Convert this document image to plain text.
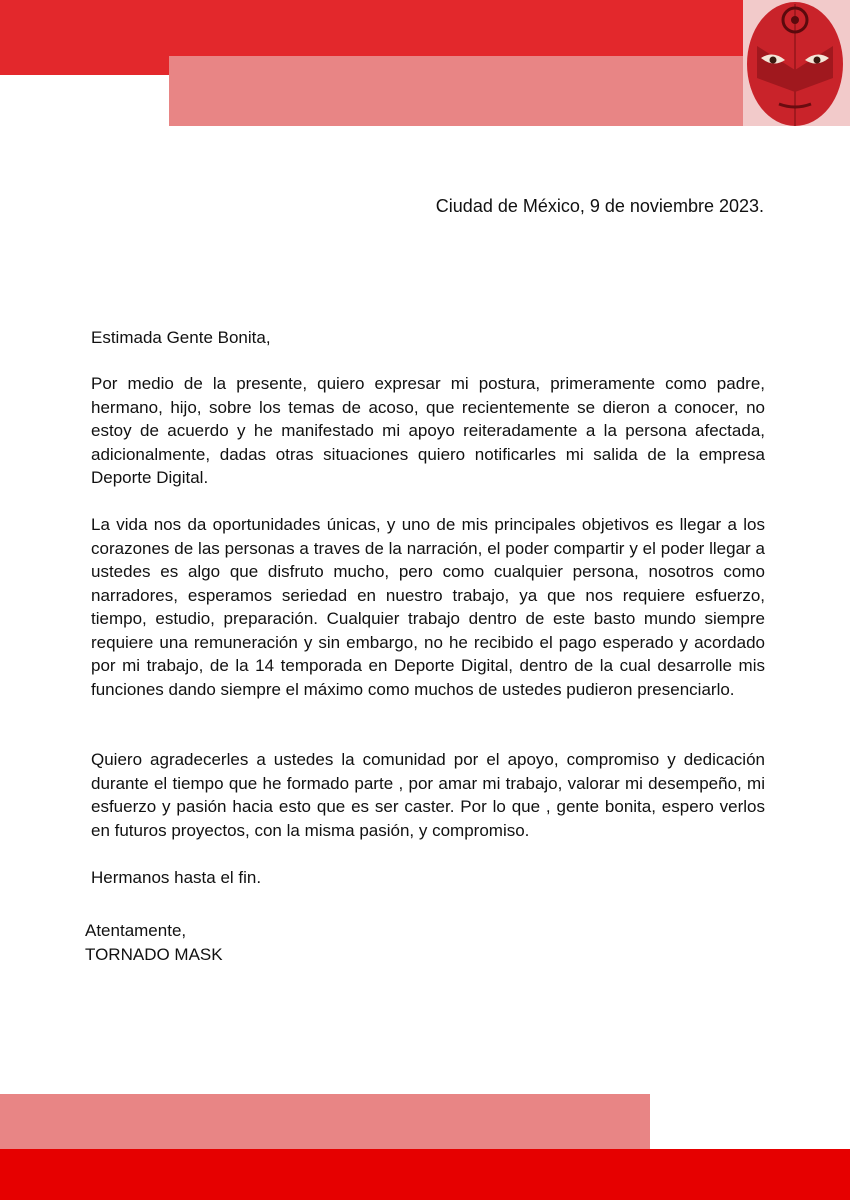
Ciudad de México, 9 de noviembre 2023.

Estimada Gente Bonita,

Por medio de la presente, quiero expresar mi postura, primeramente como padre, hermano, hijo, sobre los temas de acoso, que recientemente se dieron a conocer, no estoy de acuerdo y he manifestado mi apoyo reiteradamente a la persona afectada, adicionalmente, dadas otras situaciones quiero notificarles mi salida de la empresa Deporte Digital.

La vida nos da oportunidades únicas, y uno de mis principales objetivos es llegar a los corazones de las personas a traves de la narración, el poder compartir y el poder llegar a ustedes es algo que disfruto mucho, pero como cualquier persona, nosotros como narradores, esperamos seriedad en nuestro trabajo, ya que nos requiere esfuerzo, tiempo, estudio, preparación. Cualquier trabajo dentro de este basto mundo siempre requiere una remuneración y sin embargo, no he recibido el pago esperado y acordado por mi trabajo, de la 14 temporada en Deporte Digital, dentro de la cual desarrolle mis funciones dando siempre el máximo como muchos de ustedes pudieron presenciarlo.

Quiero agradecerles a ustedes la comunidad por el apoyo, compromiso y dedicación durante el tiempo que he formado parte , por amar mi trabajo, valorar mi desempeño, mi esfuerzo y pasión hacia esto que es ser caster. Por lo que , gente bonita, espero verlos en futuros proyectos, con la misma pasión, y compromiso.

Hermanos hasta el fin.

Atentamente,
TORNADO MASK
